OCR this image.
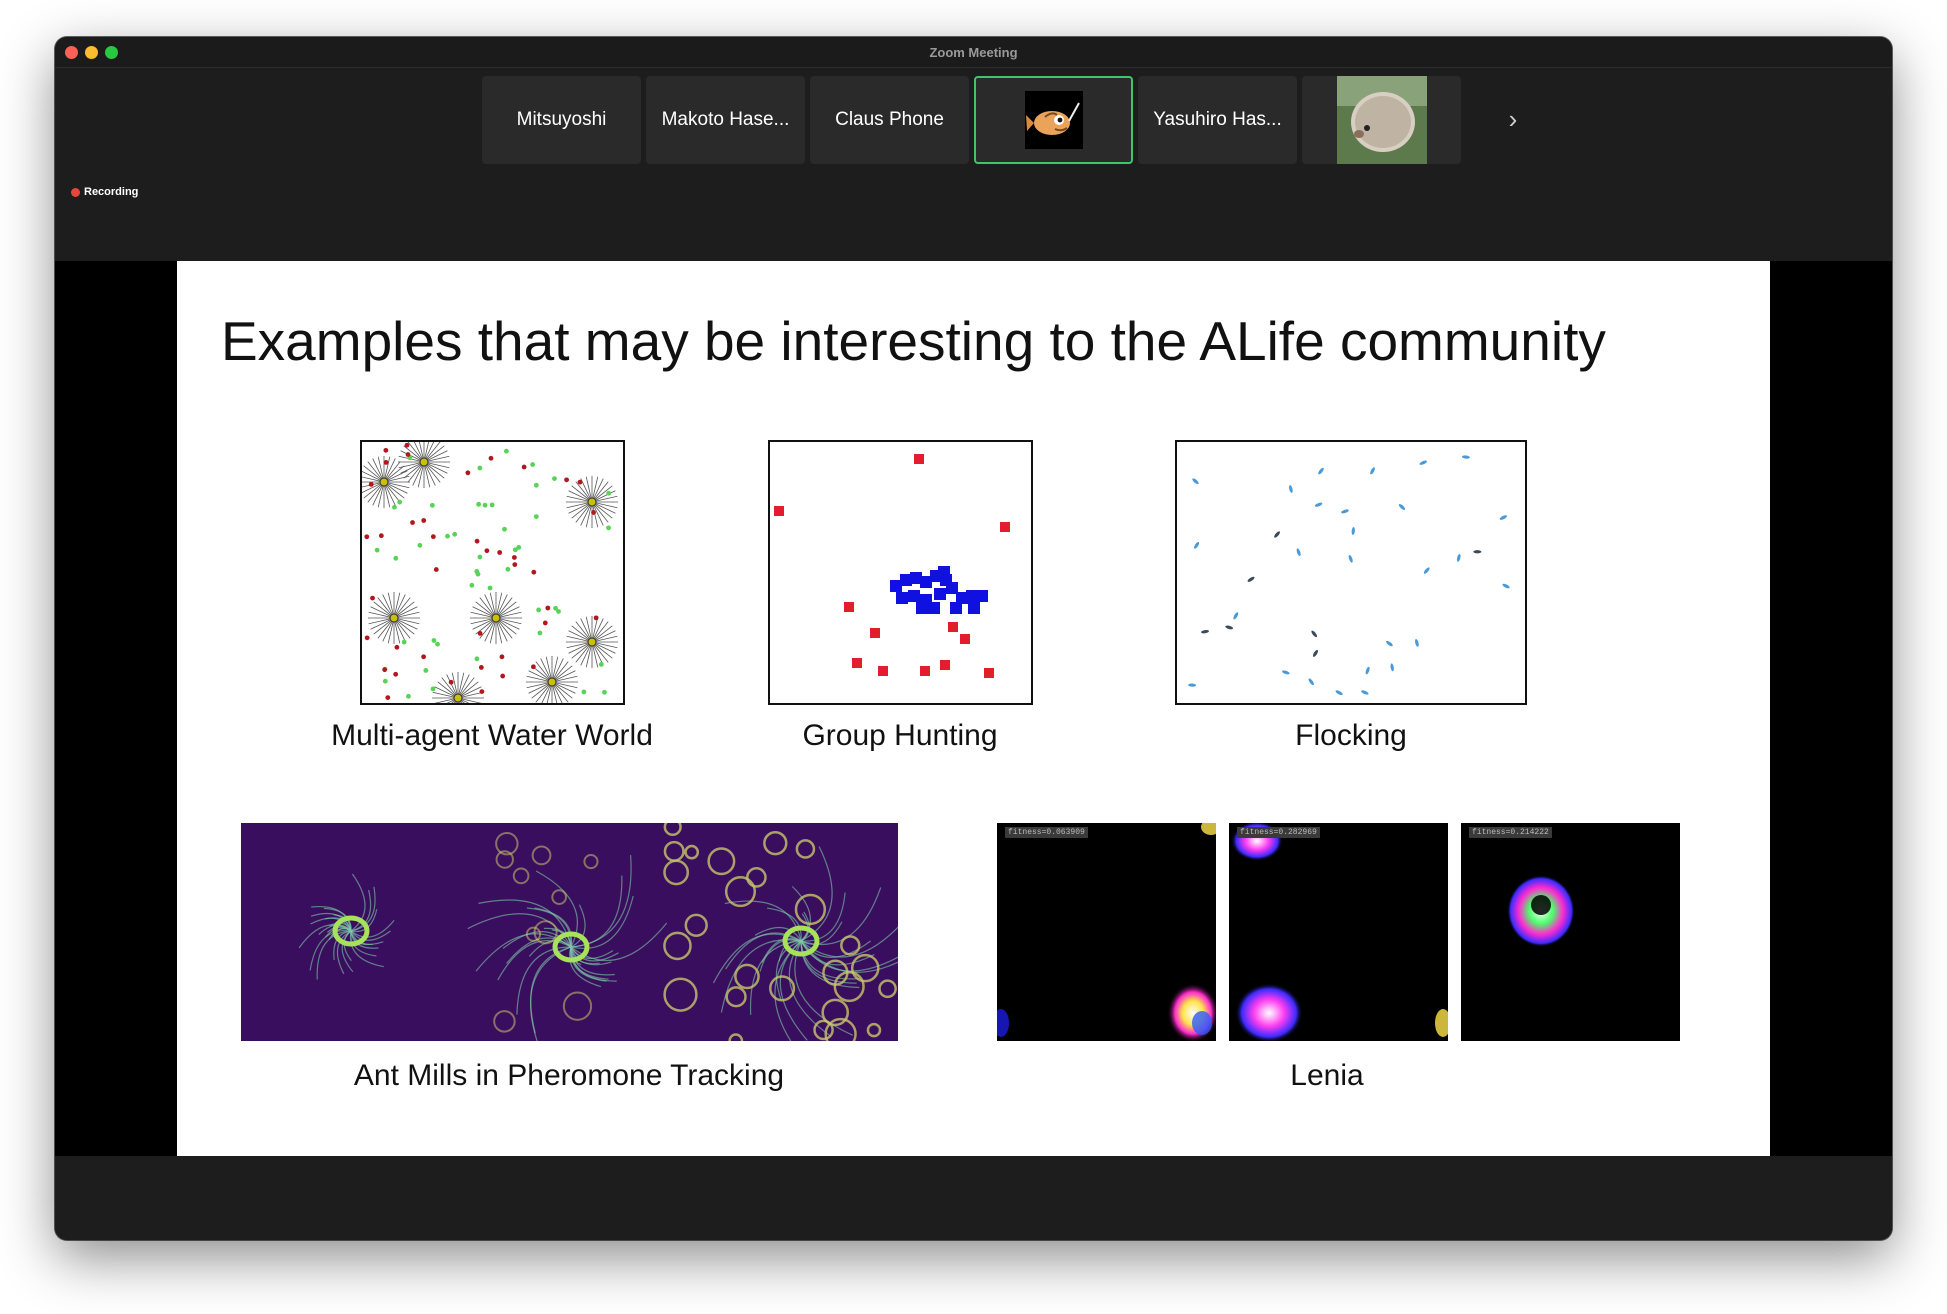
Zoom Meeting
Mitsuyoshi	Makoto Hase... Claus Phone	Yasuhiro Has...	›
Recording
Examples that may be interesting to the ALife community
Multi-agent Water World	Group Hunting	Flocking
Ant Mills in Pheromone Tracking
fitness=0.063909	fitness=0.282969	fitness=0.214222
Lenia
